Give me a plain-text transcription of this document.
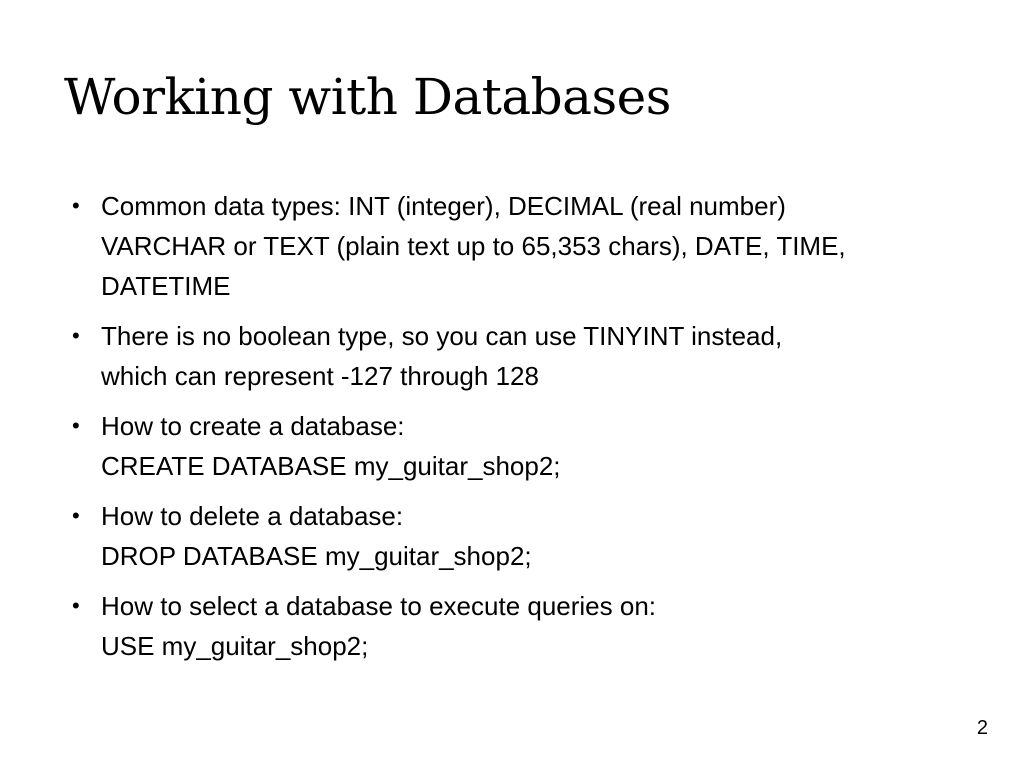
Working with Databases
• Common data types: INT (integer), DECIMAL (real number)
VARCHAR or TEXT (plain text up to 65,353 chars), DATE, TIME,
DATETIME
• There is no boolean type, so you can use TINYINT instead,
which can represent -127 through 128
• How to create a database:
CREATE DATABASE my_guitar_shop2;
• How to delete a database:
DROP DATABASE my_guitar_shop2;
• How to select a database to execute queries on:
USE my_guitar_shop2;
2
